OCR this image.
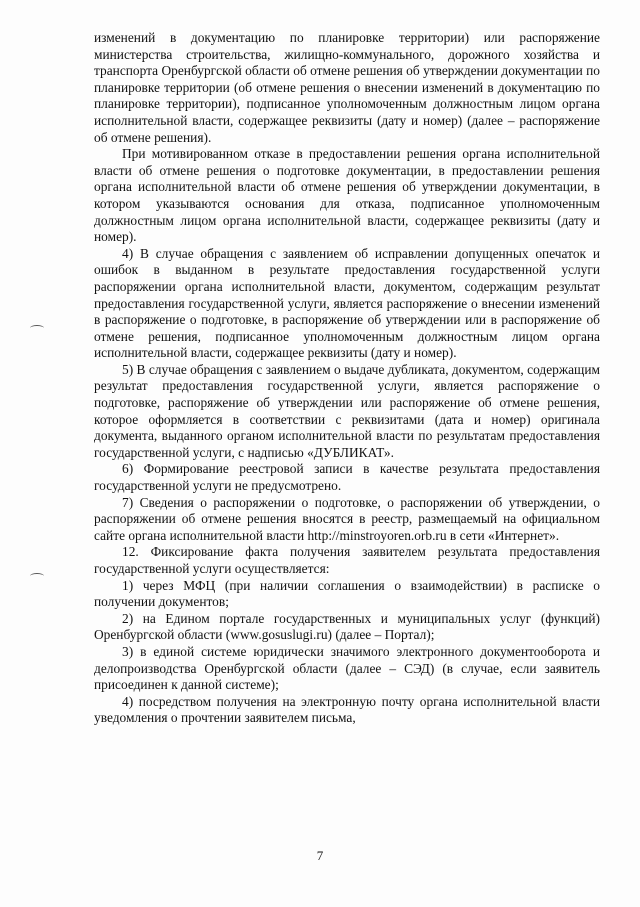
изменений в документацию по планировке территории) или распоряжение министерства строительства, жилищно-коммунального, дорожного хозяйства и транспорта Оренбургской области об отмене решения об утверждении документации по планировке территории (об отмене решения о внесении изменений в документацию по планировке территории), подписанное уполномоченным должностным лицом органа исполнительной власти, содержащее реквизиты (дату и номер) (далее – распоряжение об отмене решения).

При мотивированном отказе в предоставлении решения органа исполнительной власти об отмене решения о подготовке документации, в предоставлении решения органа исполнительной власти об отмене решения об утверждении документации, в котором указываются основания для отказа, подписанное уполномоченным должностным лицом органа исполнительной власти, содержащее реквизиты (дату и номер).

4) В случае обращения с заявлением об исправлении допущенных опечаток и ошибок в выданном в результате предоставления государственной услуги распоряжении органа исполнительной власти, документом, содержащим результат предоставления государственной услуги, является распоряжение о внесении изменений в распоряжение о подготовке, в распоряжение об утверждении или в распоряжение об отмене решения, подписанное уполномоченным должностным лицом органа исполнительной власти, содержащее реквизиты (дату и номер).

5) В случае обращения с заявлением о выдаче дубликата, документом, содержащим результат предоставления государственной услуги, является распоряжение о подготовке, распоряжение об утверждении или распоряжение об отмене решения, которое оформляется в соответствии с реквизитами (дата и номер) оригинала документа, выданного органом исполнительной власти по результатам предоставления государственной услуги, с надписью «ДУБЛИКАТ».

6) Формирование реестровой записи в качестве результата предоставления государственной услуги не предусмотрено.

7) Сведения о распоряжении о подготовке, о распоряжении об утверждении, о распоряжении об отмене решения вносятся в реестр, размещаемый на официальном сайте органа исполнительной власти http://minstroyoren.orb.ru в сети «Интернет».

12. Фиксирование факта получения заявителем результата предоставления государственной услуги осуществляется:

1) через МФЦ (при наличии соглашения о взаимодействии) в расписке о получении документов;

2) на Едином портале государственных и муниципальных услуг (функций) Оренбургской области (www.gosuslugi.ru) (далее – Портал);

3) в единой системе юридически значимого электронного документооборота и делопроизводства Оренбургской области (далее – СЭД) (в случае, если заявитель присоединен к данной системе);

4) посредством получения на электронную почту органа исполнительной власти уведомления о прочтении заявителем письма,

7
